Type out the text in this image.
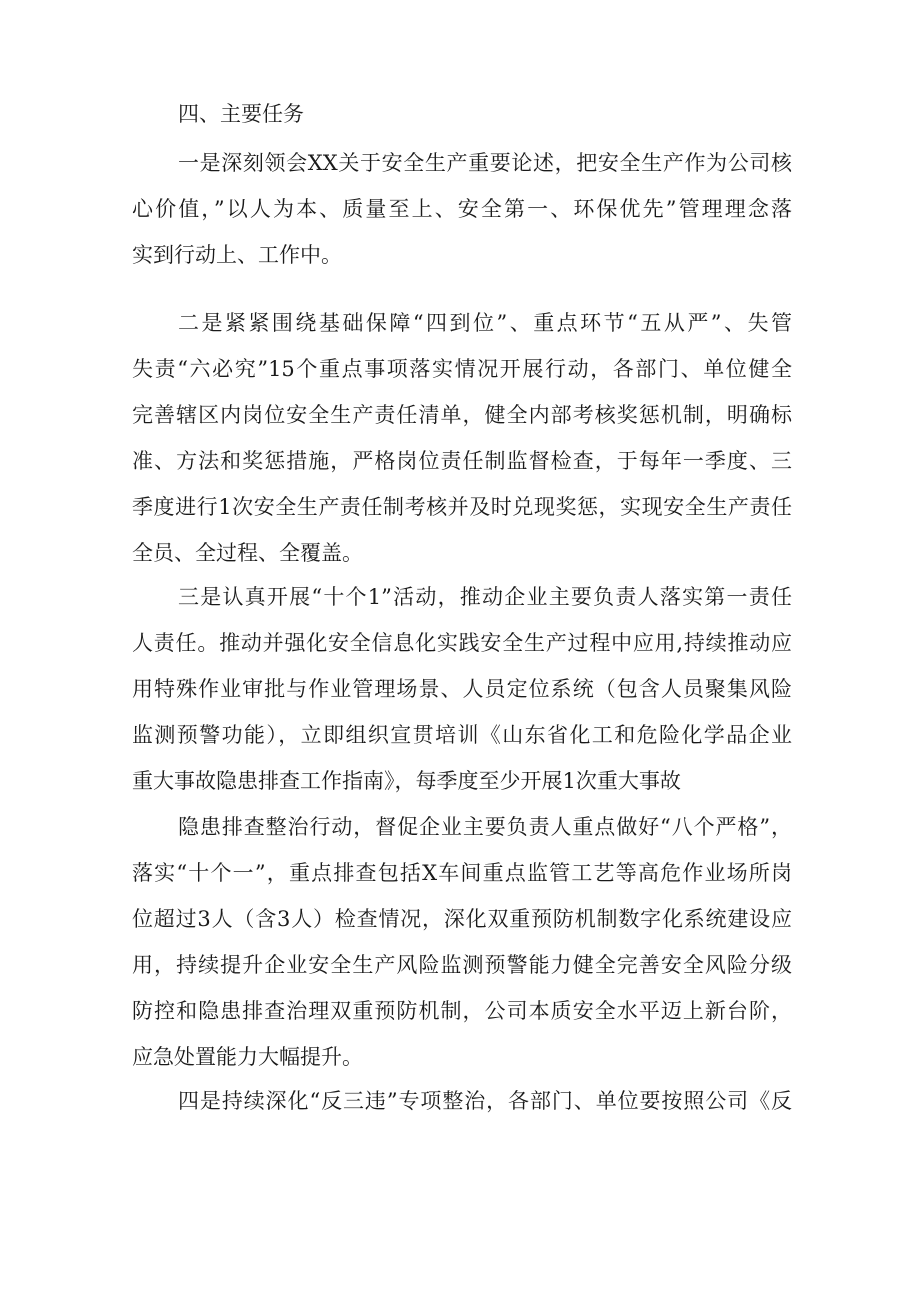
四、主要任务

一是深刻领会XX关于安全生产重要论述，把安全生产作为公司核
心价值，”以人为本、质量至上、安全第一、环保优先”管理理念落
实到行动上、工作中。

二是紧紧围绕基础保障“四到位”、重点环节“五从严”、失管
失责“六必究”15个重点事项落实情况开展行动，各部门、单位健全
完善辖区内岗位安全生产责任清单，健全内部考核奖惩机制，明确标
准、方法和奖惩措施，严格岗位责任制监督检查，于每年一季度、三
季度进行1次安全生产责任制考核并及时兑现奖惩，实现安全生产责任
全员、全过程、全覆盖。

三是认真开展“十个1”活动，推动企业主要负责人落实第一责任
人责任。推动并强化安全信息化实践安全生产过程中应用,持续推动应
用特殊作业审批与作业管理场景、人员定位系统（包含人员聚集风险
监测预警功能），立即组织宣贯培训《山东省化工和危险化学品企业
重大事故隐患排查工作指南》，每季度至少开展1次重大事故

隐患排查整治行动，督促企业主要负责人重点做好“八个严格”，
落实“十个一”，重点排查包括X车间重点监管工艺等高危作业场所岗
位超过3人（含3人）检查情况，深化双重预防机制数字化系统建设应
用，持续提升企业安全生产风险监测预警能力健全完善安全风险分级
防控和隐患排查治理双重预防机制，公司本质安全水平迈上新台阶，
应急处置能力大幅提升。

四是持续深化“反三违”专项整治，各部门、单位要按照公司《反
